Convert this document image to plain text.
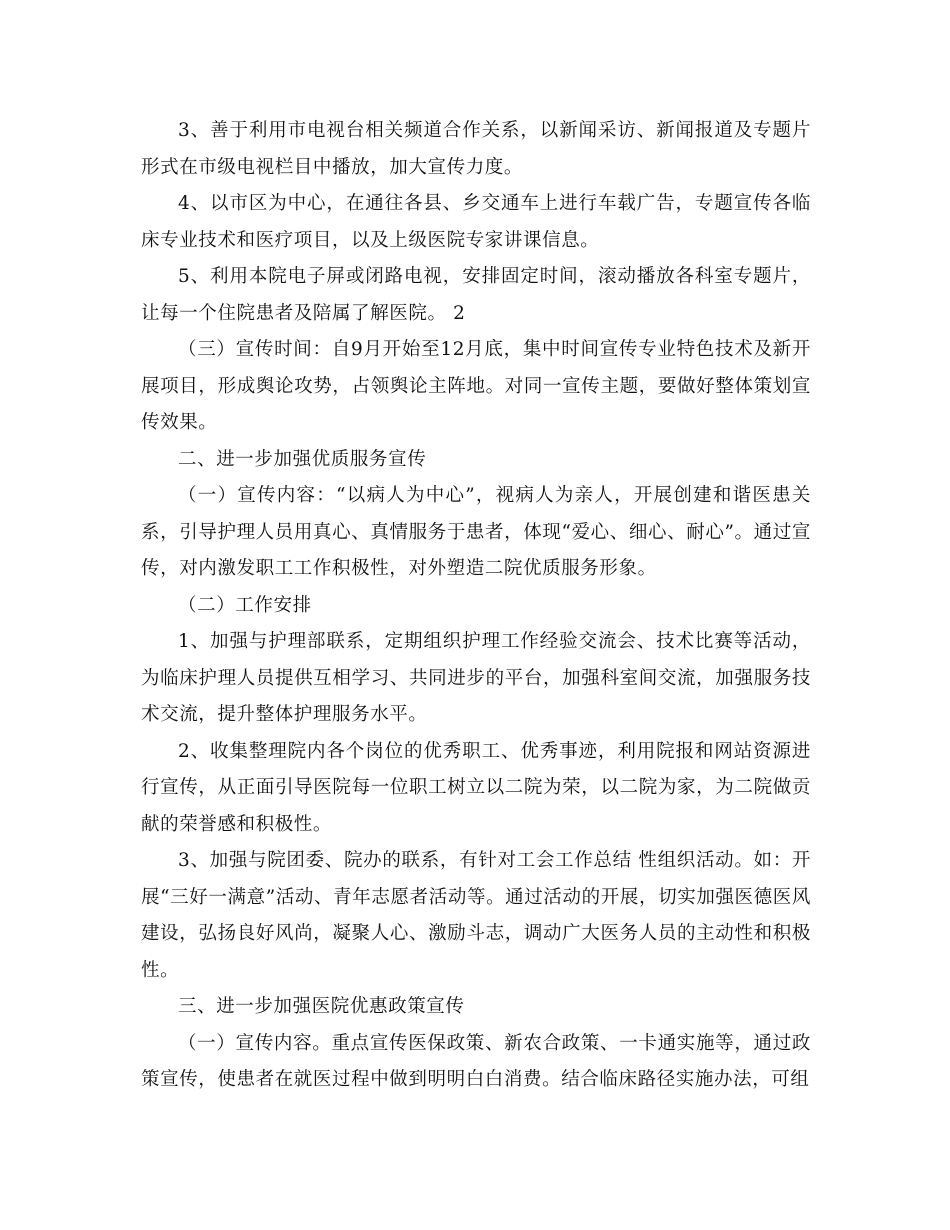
3、善于利用市电视台相关频道合作关系，以新闻采访、新闻报道及专题片形式在市级电视栏目中播放，加大宣传力度。

4、以市区为中心，在通往各县、乡交通车上进行车载广告，专题宣传各临床专业技术和医疗项目，以及上级医院专家讲课信息。

5、利用本院电子屏或闭路电视，安排固定时间，滚动播放各科室专题片，让每一个住院患者及陪属了解医院。 2

（三）宣传时间：自9月开始至12月底，集中时间宣传专业特色技术及新开展项目，形成舆论攻势，占领舆论主阵地。对同一宣传主题，要做好整体策划宣传效果。

二、进一步加强优质服务宣传

（一）宣传内容：“以病人为中心”，视病人为亲人，开展创建和谐医患关系，引导护理人员用真心、真情服务于患者，体现“爱心、细心、耐心”。通过宣传，对内激发职工工作积极性，对外塑造二院优质服务形象。

（二）工作安排

1、加强与护理部联系，定期组织护理工作经验交流会、技术比赛等活动，为临床护理人员提供互相学习、共同进步的平台，加强科室间交流，加强服务技术交流，提升整体护理服务水平。

2、收集整理院内各个岗位的优秀职工、优秀事迹，利用院报和网站资源进行宣传，从正面引导医院每一位职工树立以二院为荣，以二院为家，为二院做贡献的荣誉感和积极性。

3、加强与院团委、院办的联系，有针对工会工作总结 性组织活动。如：开展“三好一满意”活动、青年志愿者活动等。通过活动的开展，切实加强医德医风建设，弘扬良好风尚，凝聚人心、激励斗志，调动广大医务人员的主动性和积极性。

三、进一步加强医院优惠政策宣传

（一）宣传内容。重点宣传医保政策、新农合政策、一卡通实施等，通过政策宣传，使患者在就医过程中做到明明白白消费。结合临床路径实施办法，可组
